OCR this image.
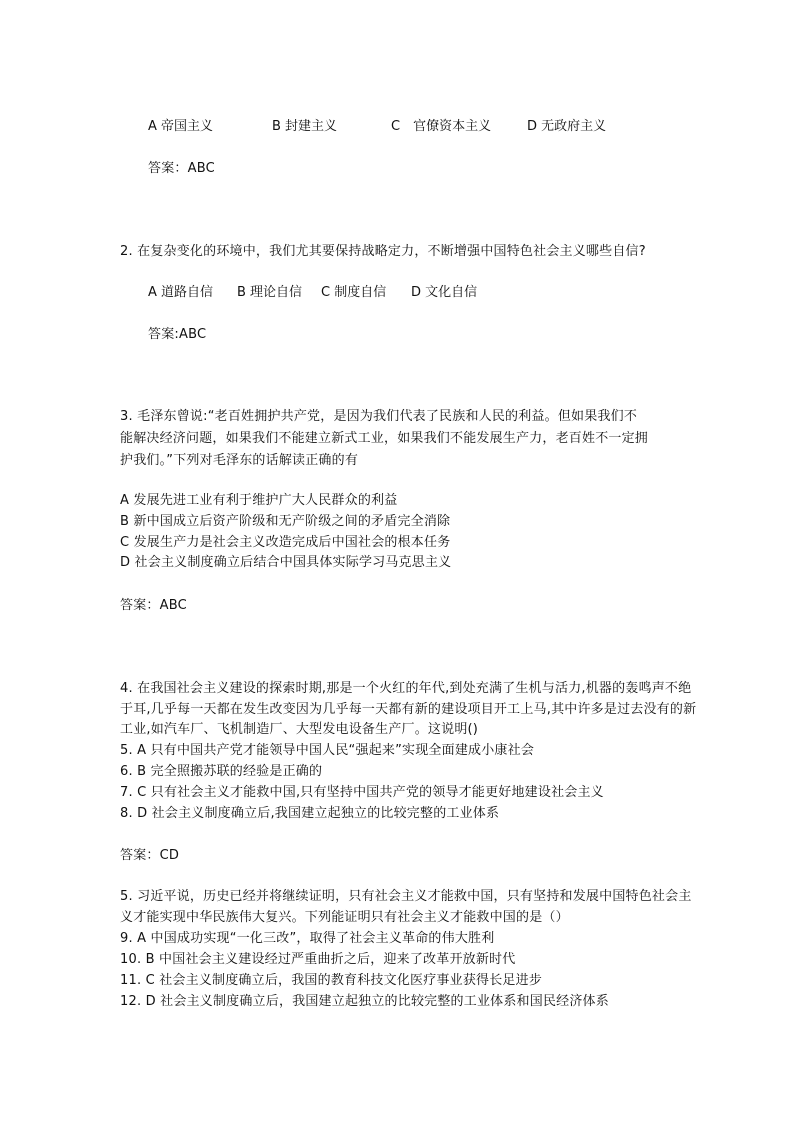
A 帝国主义	B 封建主义	C　官僚资本主义	D 无政府主义
答案：ABC
2. 在复杂变化的环境中，我们尤其要保持战略定力，不断增强中国特色社会主义哪些自信?
A 道路自信 B 理论自信 C 制度自信 D 文化自信
答案:ABC
3. 毛泽东曾说:“老百姓拥护共产党，是因为我们代表了民族和人民的利益。但如果我们不
能解决经济问题，如果我们不能建立新式工业，如果我们不能发展生产力，老百姓不一定拥
护我们。”下列对毛泽东的话解读正确的有
A 发展先进工业有利于维护广大人民群众的利益
B 新中国成立后资产阶级和无产阶级之间的矛盾完全消除
C 发展生产力是社会主义改造完成后中国社会的根本任务
D 社会主义制度确立后结合中国具体实际学习马克思主义
答案：ABC
4. 在我国社会主义建设的探索时期,那是一个火红的年代,到处充满了生机与活力,机器的轰鸣声不绝
于耳,几乎每一天都在发生改变因为几乎每一天都有新的建设项目开工上马,其中许多是过去没有的新
工业,如汽车厂、飞机制造厂、大型发电设备生产厂。这说明()
5. A 只有中国共产党才能领导中国人民“强起来”实现全面建成小康社会
6. B 完全照搬苏联的经验是正确的
7. C 只有社会主义才能救中国,只有坚持中国共产党的领导才能更好地建设社会主义
8. D 社会主义制度确立后,我国建立起独立的比较完整的工业体系
答案：CD
5. 习近平说，历史已经并将继续证明，只有社会主义才能救中国，只有坚持和发展中国特色社会主
义才能实现中华民族伟大复兴。下列能证明只有社会主义才能救中国的是（）
9. A 中国成功实现“一化三改”，取得了社会主义革命的伟大胜利
10. B 中国社会主义建设经过严重曲折之后，迎来了改革开放新时代
11. C 社会主义制度确立后，我国的教育科技文化医疗事业获得长足进步
12. D 社会主义制度确立后，我国建立起独立的比较完整的工业体系和国民经济体系
